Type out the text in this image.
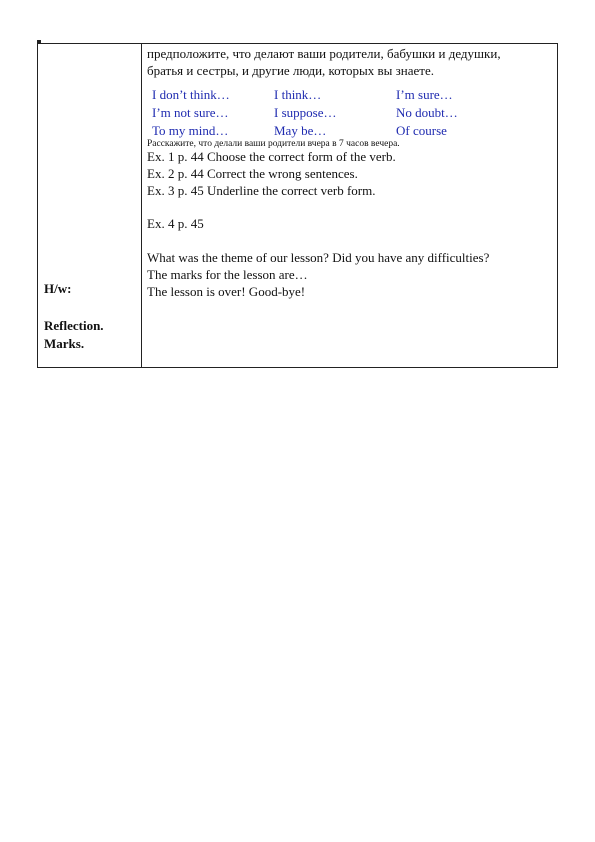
H/w:
Reflection.
Marks.
предположите, что делают ваши родители, бабушки и дедушки,
братья и сестры, и другие люди, которых вы знаете.
I don’t think…	I think…	I’m sure…
I’m not sure…	I suppose…	No doubt…
To my mind…	May be…	Of course
Расскажите, что делали ваши родители вчера в 7 часов вечера.
Ex. 1 p. 44 Choose the correct form of the verb.
Ex. 2 p. 44 Correct the wrong sentences.
Ex. 3 p. 45 Underline the correct verb form.
Ex. 4 p. 45
What was the theme of our lesson? Did you have any difficulties?
The marks for the lesson are…
The lesson is over! Good-bye!
